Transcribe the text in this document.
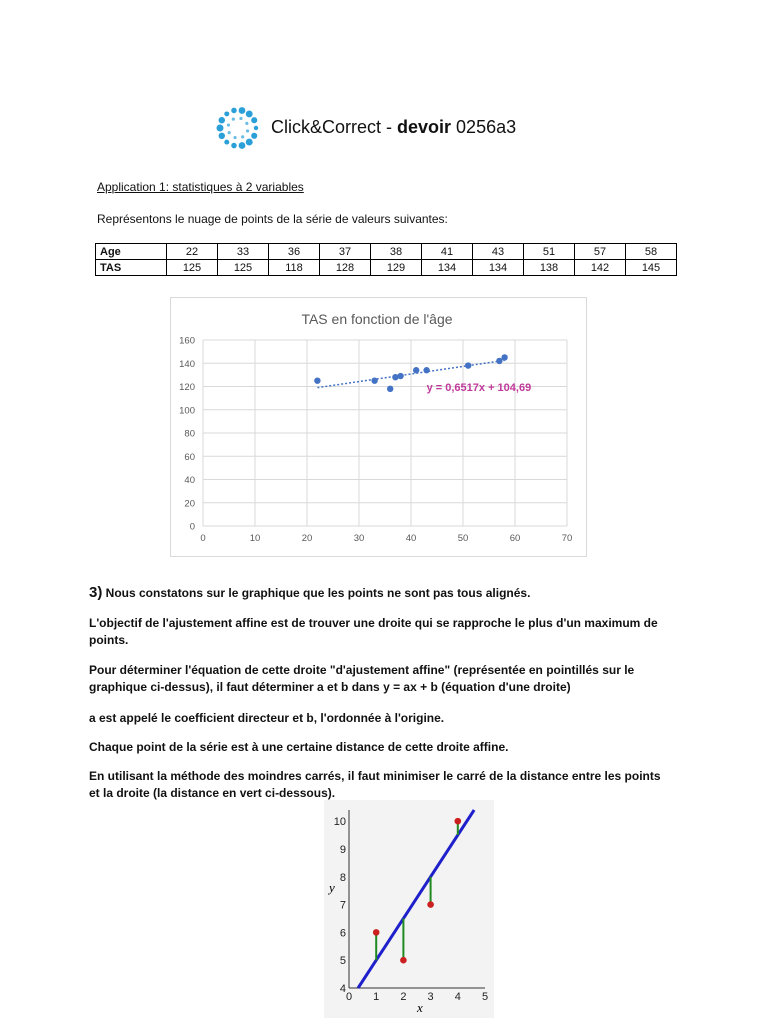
Click&Correct - devoir 0256a3
Application 1: statistiques à 2 variables
Représentons le nuage de points de la série de valeurs suivantes:
Age	22	33	36	37	38	41	43	51	57	58
TAS	125	125	118	128	129	134	134	138	142	145
TAS en fonction de l'âge
0
20
40
60
80
100
120
140
160
0	10	20	30	40	50	60	70
y = 0,6517x + 104,69
3) Nous constatons sur le graphique que les points ne sont pas tous alignés.
L'objectif de l'ajustement affine est de trouver une droite qui se rapproche le plus d'un maximum de points.
Pour déterminer l'équation de cette droite "d'ajustement affine" (représentée en pointillés sur le graphique ci-dessus), il faut déterminer a et b dans y = ax + b (équation d'une droite)
a est appelé le coefficient directeur et b, l'ordonnée à l'origine.
Chaque point de la série est à une certaine distance de cette droite affine.
En utilisant la méthode des moindres carrés, il faut minimiser le carré de la distance entre les points et la droite (la distance en vert ci-dessous).
0 1 2 3 4 5
4
5
6
7
8
9
10
x
y
